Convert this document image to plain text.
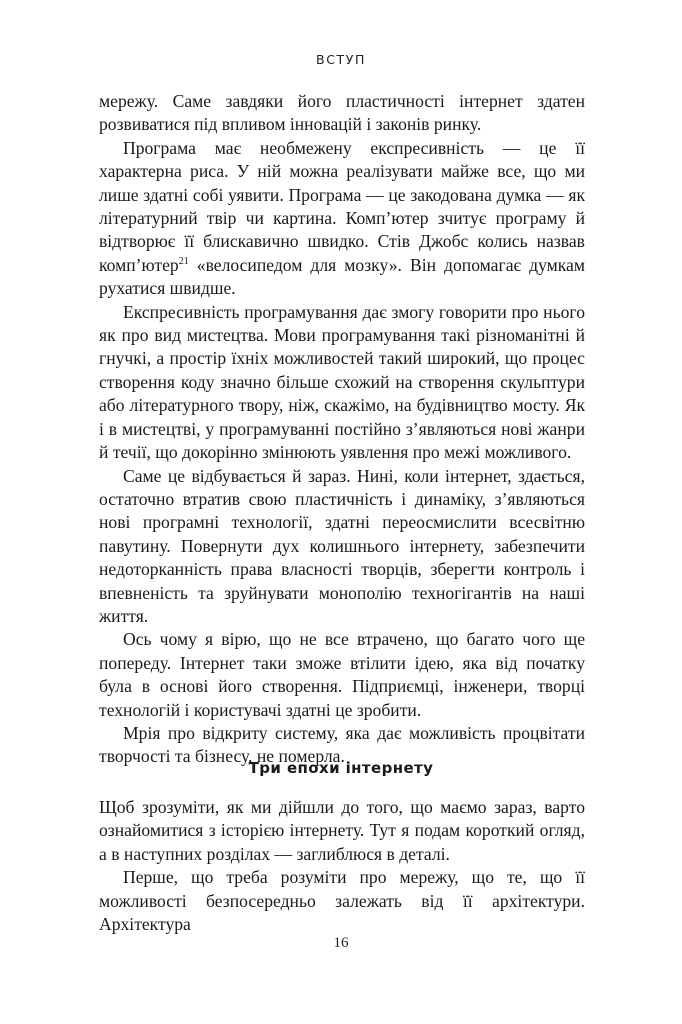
ВСТУП

мережу. Саме завдяки його пластичності інтернет здатен розвиватися під впливом інновацій і законів ринку.

Програма має необмежену експресивність — це її характерна риса. У ній можна реалізувати майже все, що ми лише здатні собі уявити. Програма — це закодована думка — як літературний твір чи картина. Комп’ютер зчитує програму й відтворює її блискавично швидко. Стів Джобс колись назвав комп’ютер$^{21}$ «велосипедом для мозку». Він допомагає думкам рухатися швидше.

Експресивність програмування дає змогу говорити про нього як про вид мистецтва. Мови програмування такі різноманітні й гнучкі, а простір їхніх можливостей такий широкий, що процес створення коду значно більше схожий на створення скульптури або літературного твору, ніж, скажімо, на будівництво мосту. Як і в мистецтві, у програмуванні постійно з’являються нові жанри й течії, що докорінно змінюють уявлення про межі можливого.

Саме це відбувається й зараз. Нині, коли інтернет, здається, остаточно втратив свою пластичність і динаміку, з’являються нові програмні технології, здатні переосмислити всесвітню павутину. Повернути дух колишнього інтернету, забезпечити недоторканність права власності творців, зберегти контроль і впевненість та зруйнувати монополію техногігантів на наші життя.

Ось чому я вірю, що не все втрачено, що багато чого ще попереду. Інтернет таки зможе втілити ідею, яка від початку була в основі його створення. Підприємці, інженери, творці технологій і користувачі здатні це зробити.

Мрія про відкриту систему, яка дає можливість процвітати творчості та бізнесу, не померла.

Три епохи інтернету

Щоб зрозуміти, як ми дійшли до того, що маємо зараз, варто ознайомитися з історією інтернету. Тут я подам короткий огляд, а в наступних розділах — заглиблюся в деталі.

Перше, що треба розуміти про мережу, що те, що її можливості безпосередньо залежать від її архітектури. Архітектура

16
